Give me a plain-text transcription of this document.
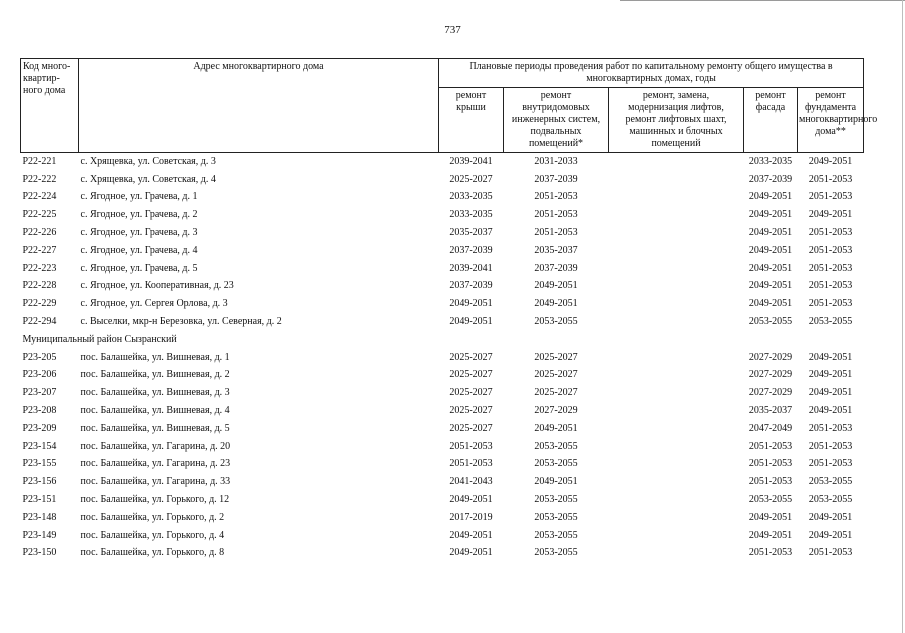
737
Код много-
квартир-
ного дома	Адрес многоквартирного дома	Плановые периоды проведения работ по капитальному ремонту общего имущества в
многоквартирных домах, годы				
		ремонт
крыши	ремонт
внутридомовых
инженерных систем,
подвальных
помещений*	ремонт, замена,
модернизация лифтов,
ремонт лифтовых шахт,
машинных и блочных
помещений	ремонт
фасада	ремонт фундамента
многоквартирного
дома**
Р22-221	с. Хрящевка, ул. Советская, д. 3	2039-2041	2031-2033		2033-2035	2049-2051
Р22-222	с. Хрящевка, ул. Советская, д. 4	2025-2027	2037-2039		2037-2039	2051-2053
Р22-224	с. Ягодное, ул. Грачева, д. 1	2033-2035	2051-2053		2049-2051	2051-2053
Р22-225	с. Ягодное, ул. Грачева, д. 2	2033-2035	2051-2053		2049-2051	2049-2051
Р22-226	с. Ягодное, ул. Грачева, д. 3	2035-2037	2051-2053		2049-2051	2051-2053
Р22-227	с. Ягодное, ул. Грачева, д. 4	2037-2039	2035-2037		2049-2051	2051-2053
Р22-223	с. Ягодное, ул. Грачева, д. 5	2039-2041	2037-2039		2049-2051	2051-2053
Р22-228	с. Ягодное, ул. Кооперативная, д. 23	2037-2039	2049-2051		2049-2051	2051-2053
Р22-229	с. Ягодное, ул. Сергея Орлова, д. 3	2049-2051	2049-2051		2049-2051	2051-2053
Р22-294	с. Выселки, мкр-н Березовка, ул. Северная, д. 2	2049-2051	2053-2055		2053-2055	2053-2055
Муниципальный район Сызранский						
Р23-205	пос. Балашейка, ул. Вишневая, д. 1	2025-2027	2025-2027		2027-2029	2049-2051
Р23-206	пос. Балашейка, ул. Вишневая, д. 2	2025-2027	2025-2027		2027-2029	2049-2051
Р23-207	пос. Балашейка, ул. Вишневая, д. 3	2025-2027	2025-2027		2027-2029	2049-2051
Р23-208	пос. Балашейка, ул. Вишневая, д. 4	2025-2027	2027-2029		2035-2037	2049-2051
Р23-209	пос. Балашейка, ул. Вишневая, д. 5	2025-2027	2049-2051		2047-2049	2051-2053
Р23-154	пос. Балашейка, ул. Гагарина, д. 20	2051-2053	2053-2055		2051-2053	2051-2053
Р23-155	пос. Балашейка, ул. Гагарина, д. 23	2051-2053	2053-2055		2051-2053	2051-2053
Р23-156	пос. Балашейка, ул. Гагарина, д. 33	2041-2043	2049-2051		2051-2053	2053-2055
Р23-151	пос. Балашейка, ул. Горького, д. 12	2049-2051	2053-2055		2053-2055	2053-2055
Р23-148	пос. Балашейка, ул. Горького, д. 2	2017-2019	2053-2055		2049-2051	2049-2051
Р23-149	пос. Балашейка, ул. Горького, д. 4	2049-2051	2053-2055		2049-2051	2049-2051
Р23-150	пос. Балашейка, ул. Горького, д. 8	2049-2051	2053-2055		2051-2053	2051-2053
